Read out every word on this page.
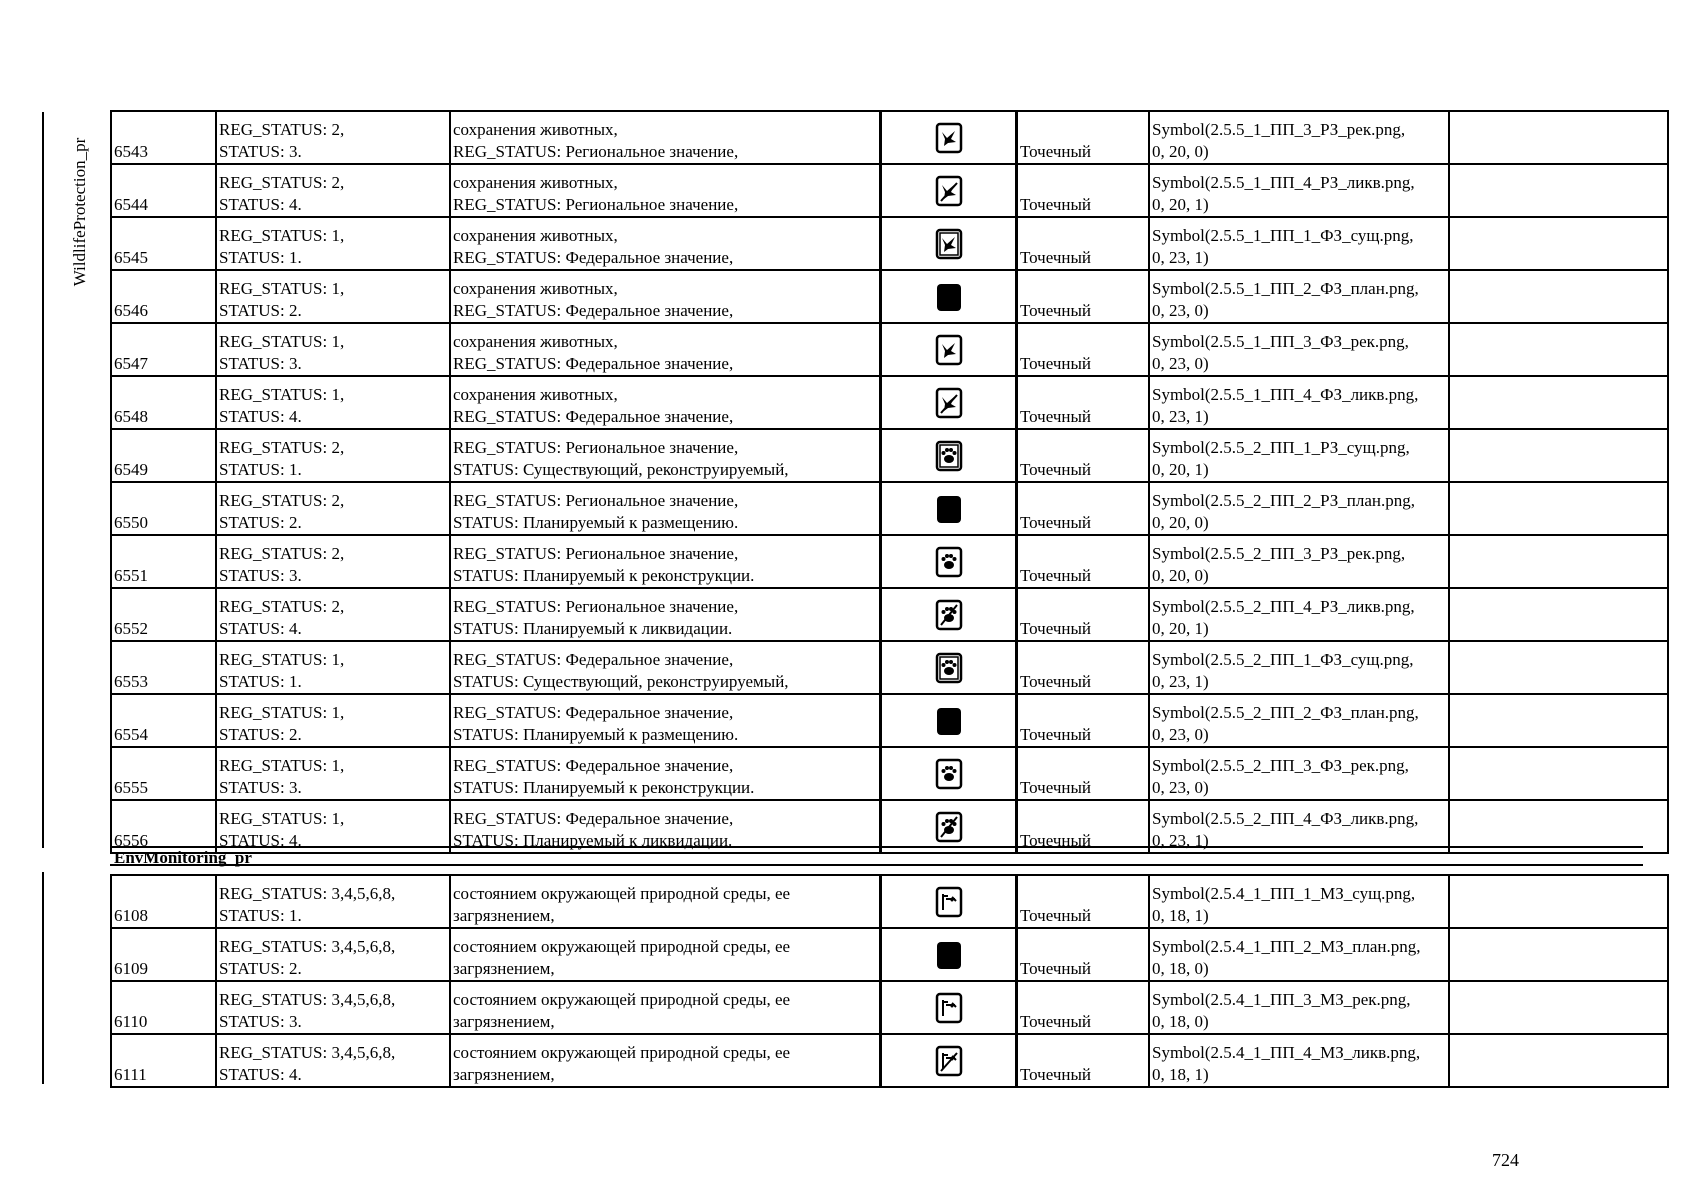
WildlifeProtection_pr 6543	REG_STATUS: 2,
STATUS: 3.	сохранения животных,
REG_STATUS: Региональное значение,		Точечный	Symbol(2.5.5_1_ПП_3_РЗ_рек.png,
0, 20, 0)	

6544	REG_STATUS: 2,
STATUS: 4.	сохранения животных,
REG_STATUS: Региональное значение,		Точечный	Symbol(2.5.5_1_ПП_4_РЗ_ликв.png,
0, 20, 1)	

6545	REG_STATUS: 1,
STATUS: 1.	сохранения животных,
REG_STATUS: Федеральное значение,		Точечный	Symbol(2.5.5_1_ПП_1_ФЗ_сущ.png,
0, 23, 1)	

6546	REG_STATUS: 1,
STATUS: 2.	сохранения животных,
REG_STATUS: Федеральное значение,		Точечный	Symbol(2.5.5_1_ПП_2_ФЗ_план.png,
0, 23, 0)	

6547	REG_STATUS: 1,
STATUS: 3.	сохранения животных,
REG_STATUS: Федеральное значение,		Точечный	Symbol(2.5.5_1_ПП_3_ФЗ_рек.png,
0, 23, 0)	

6548	REG_STATUS: 1,
STATUS: 4.	сохранения животных,
REG_STATUS: Федеральное значение,		Точечный	Symbol(2.5.5_1_ПП_4_ФЗ_ликв.png,
0, 23, 1)	

6549	REG_STATUS: 2,
STATUS: 1.	REG_STATUS: Региональное значение,
STATUS: Существующий, реконструируемый,		Точечный	Symbol(2.5.5_2_ПП_1_РЗ_сущ.png,
0, 20, 1)	

6550	REG_STATUS: 2,
STATUS: 2.	REG_STATUS: Региональное значение,
STATUS: Планируемый к размещению.		Точечный	Symbol(2.5.5_2_ПП_2_РЗ_план.png,
0, 20, 0)	

6551	REG_STATUS: 2,
STATUS: 3.	REG_STATUS: Региональное значение,
STATUS: Планируемый к реконструкции.		Точечный	Symbol(2.5.5_2_ПП_3_РЗ_рек.png,
0, 20, 0)	

6552	REG_STATUS: 2,
STATUS: 4.	REG_STATUS: Региональное значение,
STATUS: Планируемый к ликвидации.		Точечный	Symbol(2.5.5_2_ПП_4_РЗ_ликв.png,
0, 20, 1)	

6553	REG_STATUS: 1,
STATUS: 1.	REG_STATUS: Федеральное значение,
STATUS: Существующий, реконструируемый,		Точечный	Symbol(2.5.5_2_ПП_1_ФЗ_сущ.png,
0, 23, 1)	

6554	REG_STATUS: 1,
STATUS: 2.	REG_STATUS: Федеральное значение,
STATUS: Планируемый к размещению.		Точечный	Symbol(2.5.5_2_ПП_2_ФЗ_план.png,
0, 23, 0)	

6555	REG_STATUS: 1,
STATUS: 3.	REG_STATUS: Федеральное значение,
STATUS: Планируемый к реконструкции.		Точечный	Symbol(2.5.5_2_ПП_3_ФЗ_рек.png,
0, 23, 0)	

6556	REG_STATUS: 1,
STATUS: 4.	REG_STATUS: Федеральное значение,
STATUS: Планируемый к ликвидации.		Точечный	Symbol(2.5.5_2_ПП_4_ФЗ_ликв.png,
0, 23, 1)	

EnvMonitoring_pr
6108	REG_STATUS: 3,4,5,6,8,
STATUS: 1.	состоянием окружающей природной среды, ее
загрязнением,		Точечный	Symbol(2.5.4_1_ПП_1_МЗ_сущ.png,
0, 18, 1)	

6109	REG_STATUS: 3,4,5,6,8,
STATUS: 2.	состоянием окружающей природной среды, ее
загрязнением,		Точечный	Symbol(2.5.4_1_ПП_2_МЗ_план.png,
0, 18, 0)	

6110	REG_STATUS: 3,4,5,6,8,
STATUS: 3.	состоянием окружающей природной среды, ее
загрязнением,		Точечный	Symbol(2.5.4_1_ПП_3_МЗ_рек.png,
0, 18, 0)	

6111	REG_STATUS: 3,4,5,6,8,
STATUS: 4.	состоянием окружающей природной среды, ее
загрязнением,		Точечный	Symbol(2.5.4_1_ПП_4_МЗ_ликв.png,
0, 18, 1)	

724
